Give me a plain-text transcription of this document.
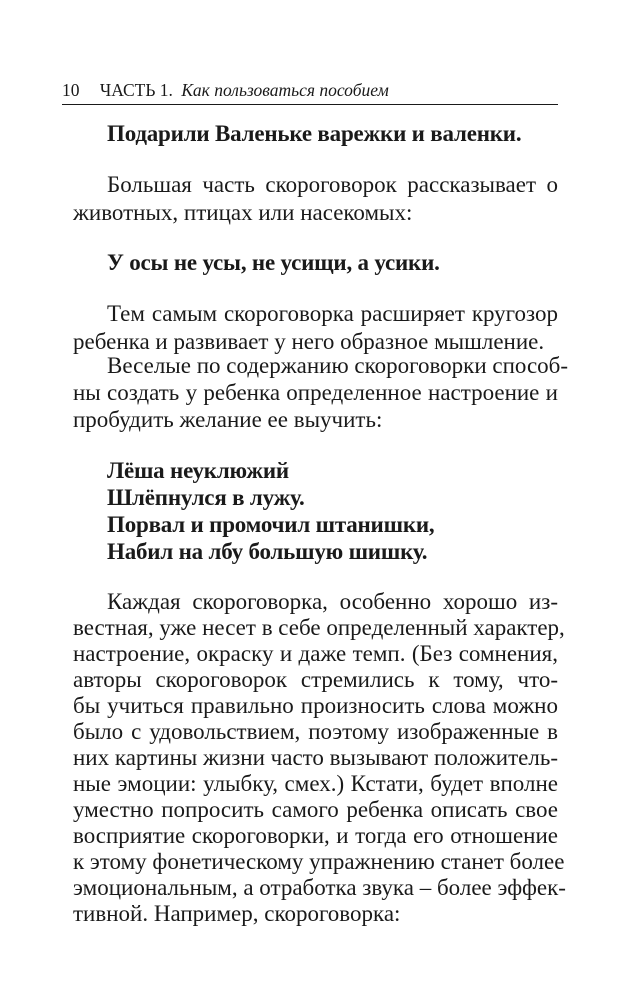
10 ЧАСТЬ 1. Как пользоваться пособием
Подарили Валеньке варежки и валенки.
Большая часть скороговорок рассказывает о
животных, птицах или насекомых:
У осы не усы, не усищи, а усики.
Тем самым скороговорка расширяет кругозор
ребенка и развивает у него образное мышление.
Веселые по содержанию скороговорки способ-
ны создать у ребенка определенное настроение и
пробудить желание ее выучить:
Лёша неуклюжий
Шлёпнулся в лужу.
Порвал и промочил штанишки,
Набил на лбу большую шишку.
Каждая скороговорка, особенно хорошо из-
вестная, уже несет в себе определенный характер,
настроение, окраску и даже темп. (Без сомнения,
авторы скороговорок стремились к тому, что-
бы учиться правильно произносить слова можно
было с удовольствием, поэтому изображенные в
них картины жизни часто вызывают положитель-
ные эмоции: улыбку, смех.) Кстати, будет вполне
уместно попросить самого ребенка описать свое
восприятие скороговорки, и тогда его отношение
к этому фонетическому упражнению станет более
эмоциональным, а отработка звука – более эффек-
тивной. Например, скороговорка:
